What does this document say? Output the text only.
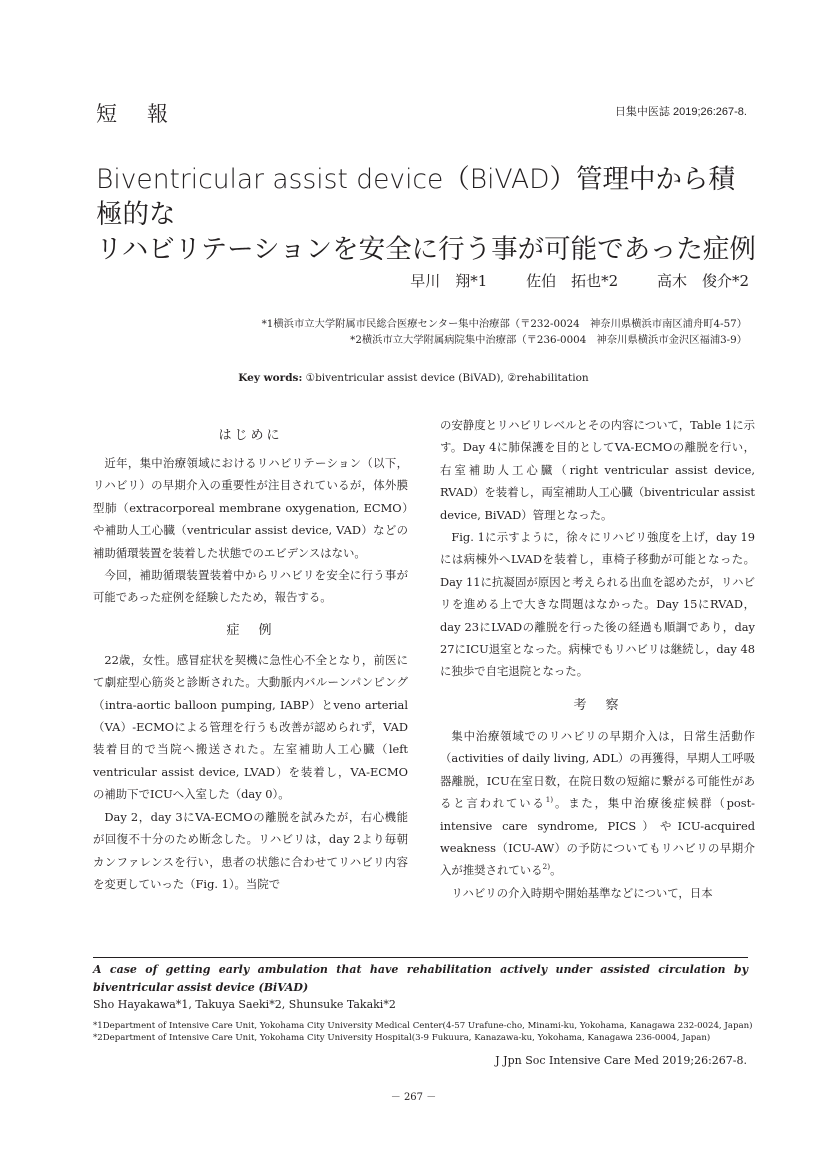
短報	日集中医誌 2019;26:267-8.
Biventricular assist device（BiVAD）管理中から積極的な
リハビリテーションを安全に行う事が可能であった症例
早川　翔*1	佐伯　拓也*2	高木　俊介*2
*1横浜市立大学附属市民総合医療センター集中治療部（〒232-0024　神奈川県横浜市南区浦舟町4-57）
*2横浜市立大学附属病院集中治療部（〒236-0004　神奈川県横浜市金沢区福浦3-9）
Key words: ①biventricular assist device (BiVAD), ②rehabilitation
はじめに

近年，集中治療領域におけるリハビリテーション（以下，リハビリ）の早期介入の重要性が注目されているが，体外膜型肺（extracorporeal membrane oxygenation, ECMO）や補助人工心臓（ventricular assist device, VAD）などの補助循環装置を装着した状態でのエビデンスはない。

今回，補助循環装置装着中からリハビリを安全に行う事が可能であった症例を経験したため，報告する。

症　例

22歳，女性。感冒症状を契機に急性心不全となり，前医にて劇症型心筋炎と診断された。大動脈内バルーンパンピング（intra-aortic balloon pumping, IABP）とveno arterial（VA）-ECMOによる管理を行うも改善が認められず，VAD装着目的で当院へ搬送された。左室補助人工心臓（left ventricular assist device, LVAD）を装着し，VA-ECMOの補助下でICUへ入室した（day 0）。

Day 2，day 3にVA-ECMOの離脱を試みたが，右心機能が回復不十分のため断念した。リハビリは，day 2より毎朝カンファレンスを行い，患者の状態に合わせてリハビリ内容を変更していった（Fig. 1）。当院で

の安静度とリハビリレベルとその内容について，Table 1に示す。Day 4に肺保護を目的としてVA-ECMOの離脱を行い，右室補助人工心臓（right ventricular assist device, RVAD）を装着し，両室補助人工心臓（biventricular assist device, BiVAD）管理となった。

Fig. 1に示すように，徐々にリハビリ強度を上げ，day 19には病棟外へLVADを装着し，車椅子移動が可能となった。Day 11に抗凝固が原因と考えられる出血を認めたが，リハビリを進める上で大きな問題はなかった。Day 15にRVAD，day 23にLVADの離脱を行った後の経過も順調であり，day 27にICU退室となった。病棟でもリハビリは継続し，day 48に独歩で自宅退院となった。

考　察

集中治療領域でのリハビリの早期介入は，日常生活動作（activities of daily living, ADL）の再獲得，早期人工呼吸器離脱，ICU在室日数，在院日数の短縮に繋がる可能性があると言われている$^{1)}$。また，集中治療後症候群（post-intensive care syndrome, PICS）やICU-acquired weakness（ICU-AW）の予防についてもリハビリの早期介入が推奨されている$^{2)}$。

リハビリの介入時期や開始基準などについて，日本

A case of getting early ambulation that have rehabilitation actively under assisted circulation by biventricular assist device (BiVAD)
Sho Hayakawa*1, Takuya Saeki*2, Shunsuke Takaki*2
*1Department of Intensive Care Unit, Yokohama City University Medical Center(4-57 Urafune-cho, Minami-ku, Yokohama, Kanagawa 232-0024, Japan)
*2Department of Intensive Care Unit, Yokohama City University Hospital(3-9 Fukuura, Kanazawa-ku, Yokohama, Kanagawa 236-0004, Japan)
J Jpn Soc Intensive Care Med 2019;26:267-8.
－ 267 －
